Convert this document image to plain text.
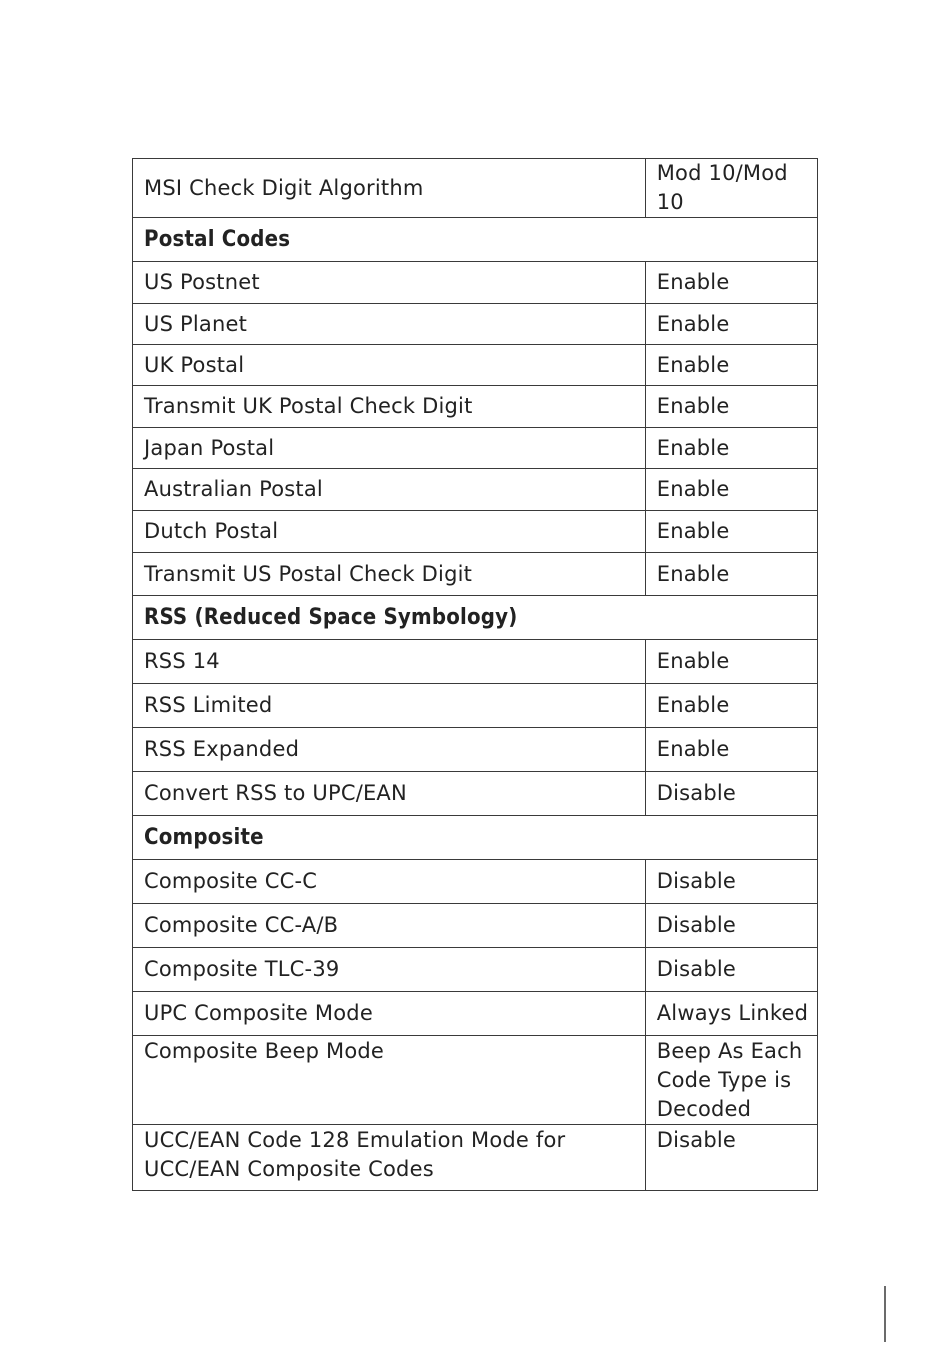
MSI Check Digit Algorithm	Mod 10/Mod 10
Postal Codes	
US Postnet	Enable
US Planet	Enable
UK Postal	Enable
Transmit UK Postal Check Digit	Enable
Japan Postal	Enable
Australian Postal	Enable
Dutch Postal	Enable
Transmit US Postal Check Digit	Enable
RSS (Reduced Space Symbology)	
RSS 14	Enable
RSS Limited	Enable
RSS Expanded	Enable
Convert RSS to UPC/EAN	Disable
Composite	
Composite CC-C	Disable
Composite CC-A/B	Disable
Composite TLC-39	Disable
UPC Composite Mode	Always Linked
Composite Beep Mode	Beep As Each Code Type is Decoded
UCC/EAN Code 128 Emulation Mode for UCC/EAN Composite Codes	Disable
